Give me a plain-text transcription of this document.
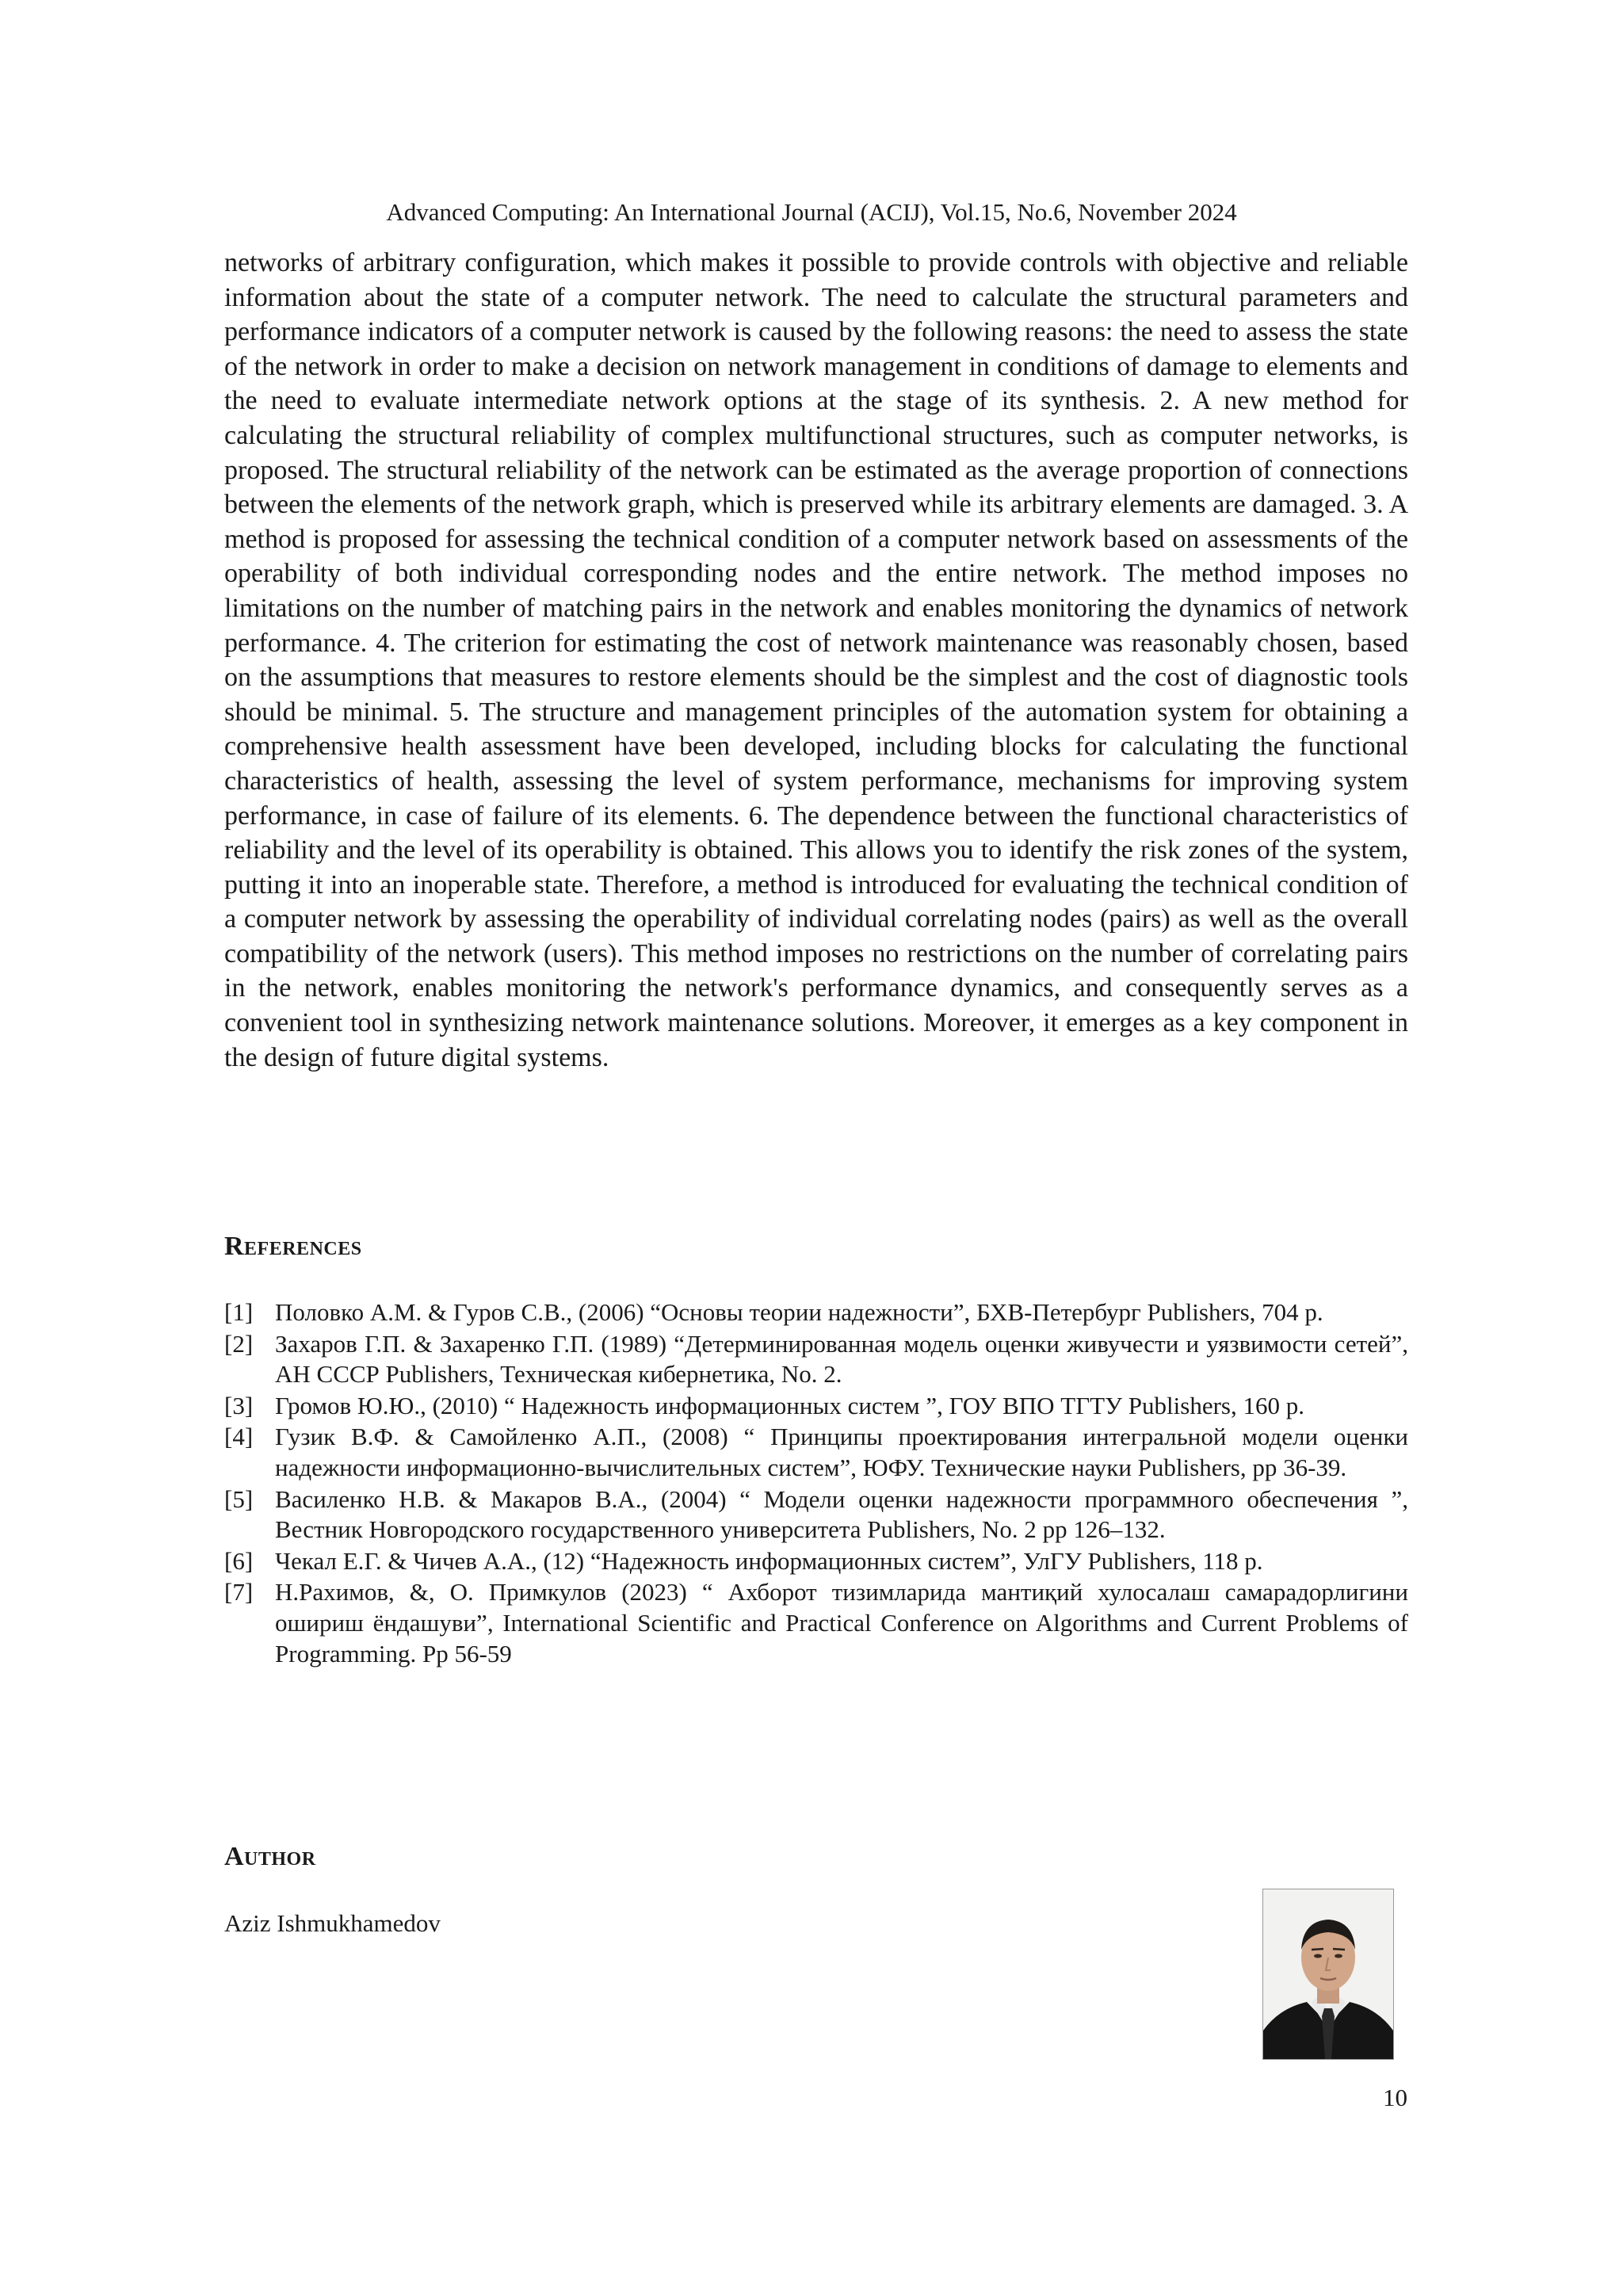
Advanced Computing: An International Journal (ACIJ), Vol.15, No.6, November 2024

networks of arbitrary configuration, which makes it possible to provide controls with objective and reliable information about the state of a computer network. The need to calculate the structural parameters and performance indicators of a computer network is caused by the following reasons: the need to assess the state of the network in order to make a decision on network management in conditions of damage to elements and the need to evaluate intermediate network options at the stage of its synthesis. 2. A new method for calculating the structural reliability of complex multifunctional structures, such as computer networks, is proposed. The structural reliability of the network can be estimated as the average proportion of connections between the elements of the network graph, which is preserved while its arbitrary elements are damaged. 3. A method is proposed for assessing the technical condition of a computer network based on assessments of the operability of both individual corresponding nodes and the entire network. The method imposes no limitations on the number of matching pairs in the network and enables monitoring the dynamics of network performance. 4. The criterion for estimating the cost of network maintenance was reasonably chosen, based on the assumptions that measures to restore elements should be the simplest and the cost of diagnostic tools should be minimal. 5. The structure and management principles of the automation system for obtaining a comprehensive health assessment have been developed, including blocks for calculating the functional characteristics of health, assessing the level of system performance, mechanisms for improving system performance, in case of failure of its elements. 6. The dependence between the functional characteristics of reliability and the level of its operability is obtained. This allows you to identify the risk zones of the system, putting it into an inoperable state. Therefore, a method is introduced for evaluating the technical condition of a computer network by assessing the operability of individual correlating nodes (pairs) as well as the overall compatibility of the network (users). This method imposes no restrictions on the number of correlating pairs in the network, enables monitoring the network's performance dynamics, and consequently serves as a convenient tool in synthesizing network maintenance solutions. Moreover, it emerges as a key component in the design of future digital systems.

References
[1] Половко А.М. & Гуров С.В., (2006) “Основы теории надежности”, БХВ-Петербург Publishers, 704 р.
[2] Захаров Г.П. & Захаренко Г.П. (1989) “Детерминированная модель оценки живучести и уязвимости сетей”, АН СССР Publishers, Техническая кибернетика, No. 2.
[3] Громов Ю.Ю., (2010) “ Надежность информационных систем ”, ГОУ ВПО ТГТУ Publishers, 160 р.
[4] Гузик В.Ф. & Самойленко А.П., (2008) “ Принципы проектирования интегральной модели оценки надежности информационно-вычислительных систем”, ЮФУ. Технические науки Publishers, pp 36-39.
[5] Василенко Н.В. & Макаров В.А., (2004) “ Модели оценки надежности программного обеспечения ”, Вестник Новгородского государственного университета Publishers, No. 2 pp 126–132.
[6] Чекал Е.Г. & Чичев А.А., (12) “Надежность информационных систем”, УлГУ Publishers, 118 р.
[7] Н.Рахимов, &, О. Примкулов (2023) “ Ахборот тизимларида мантиқий хулосалаш самарадорлигини ошириш ёндашуви”, International Scientific and Practical Conference on Algorithms and Current Problems of Programming. Pp 56-59
Author

Aziz Ishmukhamedov

10
